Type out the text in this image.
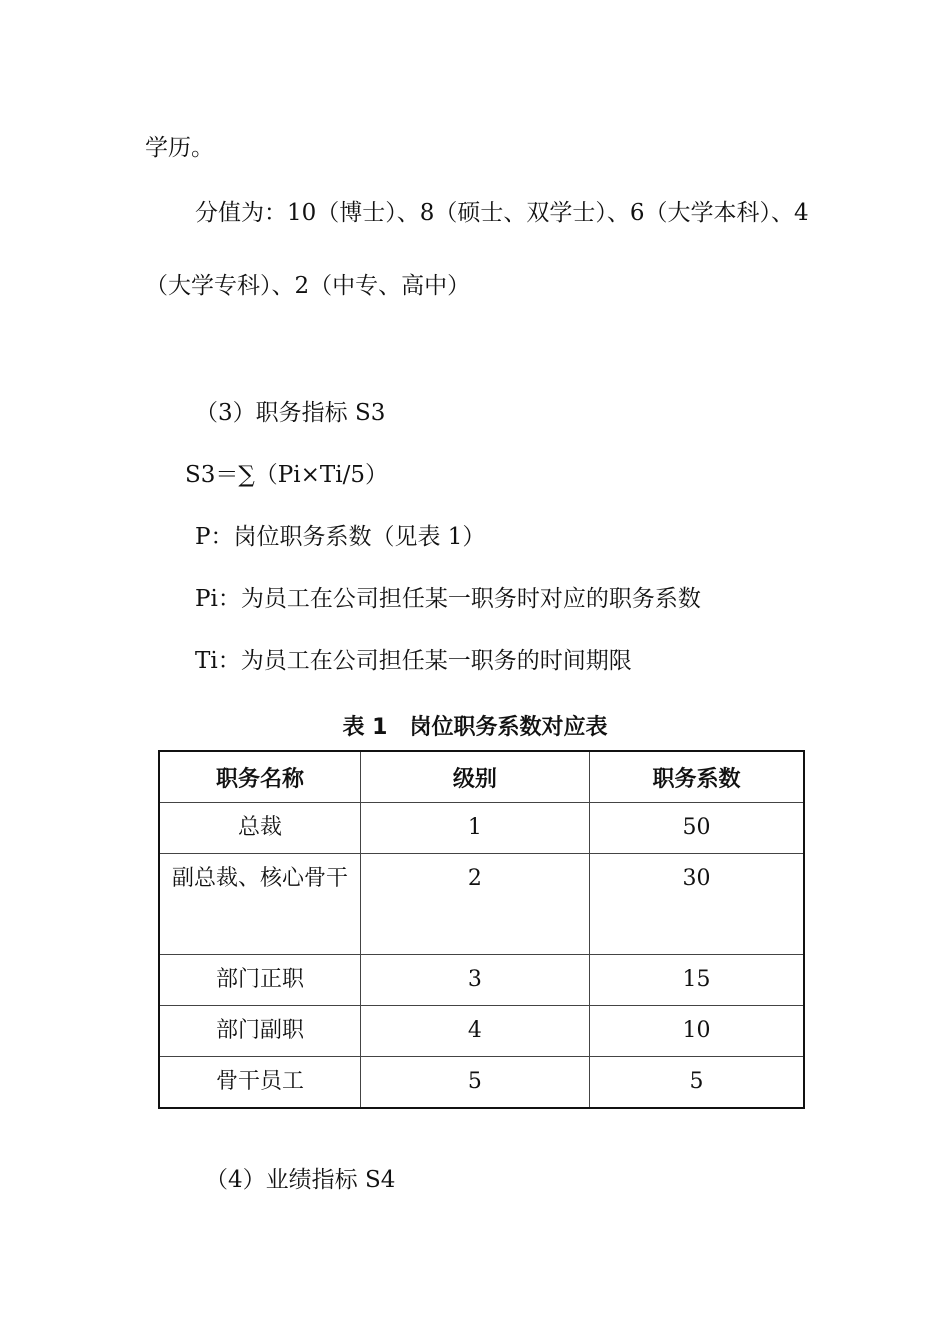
学历。
分值为：10（博士）、8（硕士、双学士）、6（大学本科）、4
（大学专科）、2（中专、高中）
（3）职务指标 S3
S3＝∑（Pi×Ti/5）
P：岗位职务系数（见表 1）
Pi：为员工在公司担任某一职务时对应的职务系数
Ti：为员工在公司担任某一职务的时间期限
表 1　岗位职务系数对应表
职务名称	级别	职务系数
总裁	1	50

副总裁、核心骨干	2	30
部门正职	3	15
部门副职	4	10
骨干员工	5	5
（4）业绩指标 S4
